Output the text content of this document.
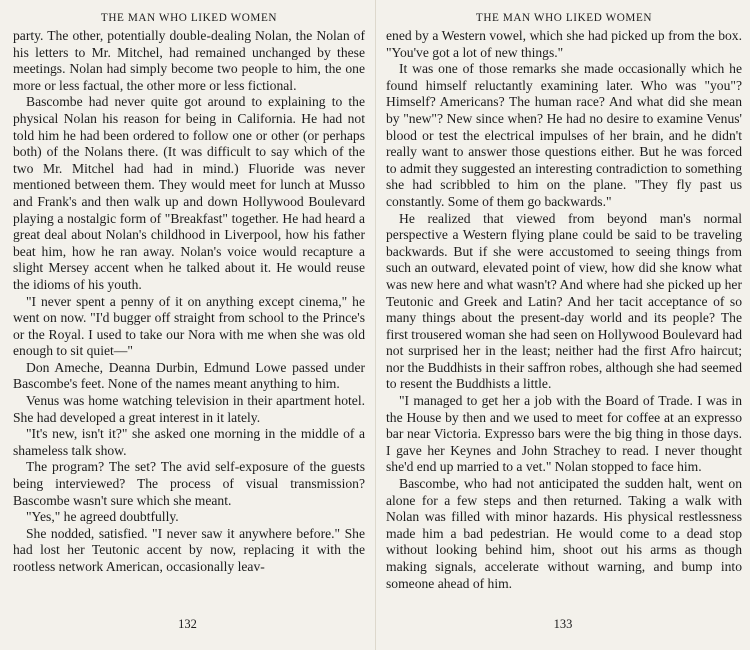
THE MAN WHO LIKED WOMEN

party. The other, potentially double-dealing Nolan, the Nolan of his letters to Mr. Mitchel, had remained unchanged by these meetings. Nolan had simply become two people to him, the one more or less factual, the other more or less fictional.

Bascombe had never quite got around to explaining to the physical Nolan his reason for being in California. He had not told him he had been ordered to follow one or other (or perhaps both) of the Nolans there. (It was difficult to say which of the two Mr. Mitchel had had in mind.) Fluoride was never mentioned between them. They would meet for lunch at Musso and Frank's and then walk up and down Hollywood Boulevard playing a nostalgic form of "Breakfast" together. He had heard a great deal about Nolan's childhood in Liverpool, how his father beat him, how he ran away. Nolan's voice would recapture a slight Mersey accent when he talked about it. He would reuse the idioms of his youth.

"I never spent a penny of it on anything except cinema," he went on now. "I'd bugger off straight from school to the Prince's or the Royal. I used to take our Nora with me when she was old enough to sit quiet—"

Don Ameche, Deanna Durbin, Edmund Lowe passed under Bascombe's feet. None of the names meant anything to him.

Venus was home watching television in their apartment hotel. She had developed a great interest in it lately.

"It's new, isn't it?" she asked one morning in the middle of a shameless talk show.

The program? The set? The avid self-exposure of the guests being interviewed? The process of visual transmission? Bascombe wasn't sure which she meant.

"Yes," he agreed doubtfully.

She nodded, satisfied. "I never saw it anywhere before." She had lost her Teutonic accent by now, replacing it with the rootless network American, occasionally leav-

132
THE MAN WHO LIKED WOMEN

ened by a Western vowel, which she had picked up from the box. "You've got a lot of new things."

It was one of those remarks she made occasionally which he found himself reluctantly examining later. Who was "you"? Himself? Americans? The human race? And what did she mean by "new"? New since when? He had no desire to examine Venus' blood or test the electrical impulses of her brain, and he didn't really want to answer those questions either. But he was forced to admit they suggested an interesting contradiction to something she had scribbled to him on the plane. "They fly past us constantly. Some of them go backwards."

He realized that viewed from beyond man's normal perspective a Western flying plane could be said to be traveling backwards. But if she were accustomed to seeing things from such an outward, elevated point of view, how did she know what was new here and what wasn't? And where had she picked up her Teutonic and Greek and Latin? And her tacit acceptance of so many things about the present-day world and its people? The first trousered woman she had seen on Hollywood Boulevard had not surprised her in the least; neither had the first Afro haircut; nor the Buddhists in their saffron robes, although she had seemed to resent the Buddhists a little.

"I managed to get her a job with the Board of Trade. I was in the House by then and we used to meet for coffee at an expresso bar near Victoria. Expresso bars were the big thing in those days. I gave her Keynes and John Strachey to read. I never thought she'd end up married to a vet." Nolan stopped to face him.

Bascombe, who had not anticipated the sudden halt, went on alone for a few steps and then returned. Taking a walk with Nolan was filled with minor hazards. His physical restlessness made him a bad pedestrian. He would come to a dead stop without looking behind him, shoot out his arms as though making signals, accelerate without warning, and bump into someone ahead of him.

133
